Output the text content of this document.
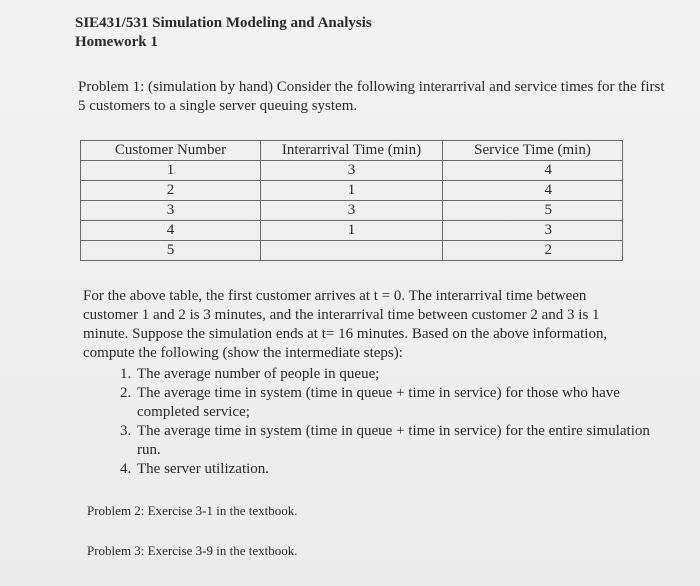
SIE431/531 Simulation Modeling and Analysis
Homework 1
Problem 1: (simulation by hand) Consider the following interarrival and service times for the first 5 customers to a single server queuing system.
Customer Number	Interarrival Time (min)	Service Time (min)
1	3	4
2	1	4
3	3	5
4	1	3
5		2
For the above table, the first customer arrives at t = 0. The interarrival time between customer 1 and 2 is 3 minutes, and the interarrival time between customer 2 and 3 is 1 minute. Suppose the simulation ends at t= 16 minutes. Based on the above information, compute the following (show the intermediate steps):
1. The average number of people in queue;
2. The average time in system (time in queue + time in service) for those who have completed service;
3. The average time in system (time in queue + time in service) for the entire simulation run.
4. The server utilization.
Problem 2: Exercise 3-1 in the textbook.
Problem 3: Exercise 3-9 in the textbook.
